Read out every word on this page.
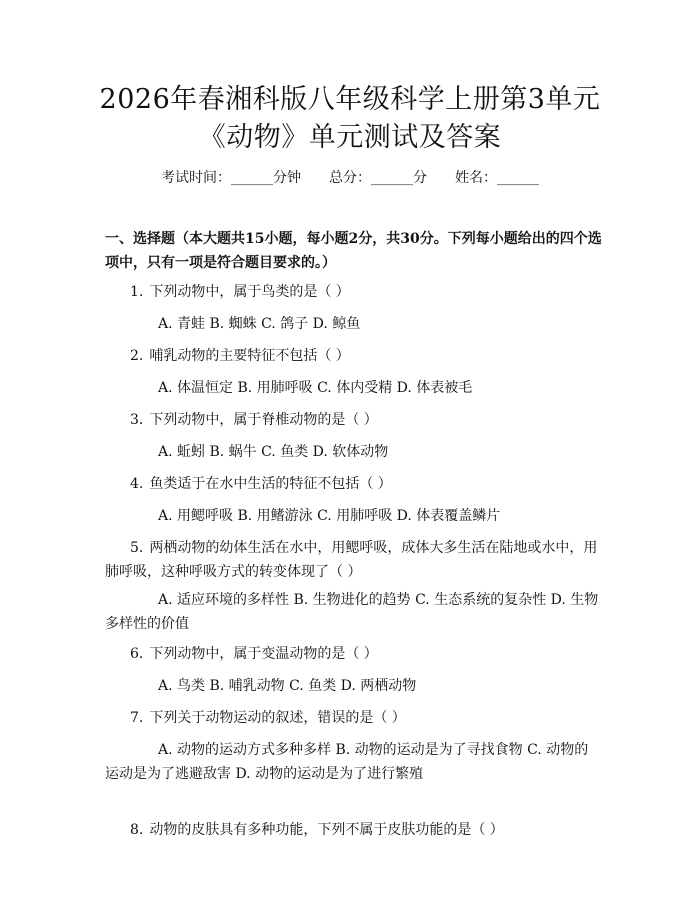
2026年春湘科版八年级科学上册第3单元
《动物》单元测试及答案
考试时间：______分钟 总分：______分 姓名：______
一、选择题（本大题共15小题，每小题2分，共30分。下列每小题给出的四个选项中，只有一项是符合题目要求的。）
1. 下列动物中，属于鸟类的是（ ）
A. 青蛙 B. 蜘蛛 C. 鸽子 D. 鲸鱼
2. 哺乳动物的主要特征不包括（ ）
A. 体温恒定 B. 用肺呼吸 C. 体内受精 D. 体表被毛
3. 下列动物中，属于脊椎动物的是（ ）
A. 蚯蚓 B. 蜗牛 C. 鱼类 D. 软体动物
4. 鱼类适于在水中生活的特征不包括（ ）
A. 用鳃呼吸 B. 用鳍游泳 C. 用肺呼吸 D. 体表覆盖鳞片
5. 两栖动物的幼体生活在水中，用鳃呼吸，成体大多生活在陆地或水中，用肺呼吸，这种呼吸方式的转变体现了（ ）
A. 适应环境的多样性 B. 生物进化的趋势 C. 生态系统的复杂性 D. 生物多样性的价值
6. 下列动物中，属于变温动物的是（ ）
A. 鸟类 B. 哺乳动物 C. 鱼类 D. 两栖动物
7. 下列关于动物运动的叙述，错误的是（ ）
A. 动物的运动方式多种多样 B. 动物的运动是为了寻找食物 C. 动物的运动是为了逃避敌害 D. 动物的运动是为了进行繁殖
8. 动物的皮肤具有多种功能，下列不属于皮肤功能的是（ ）
